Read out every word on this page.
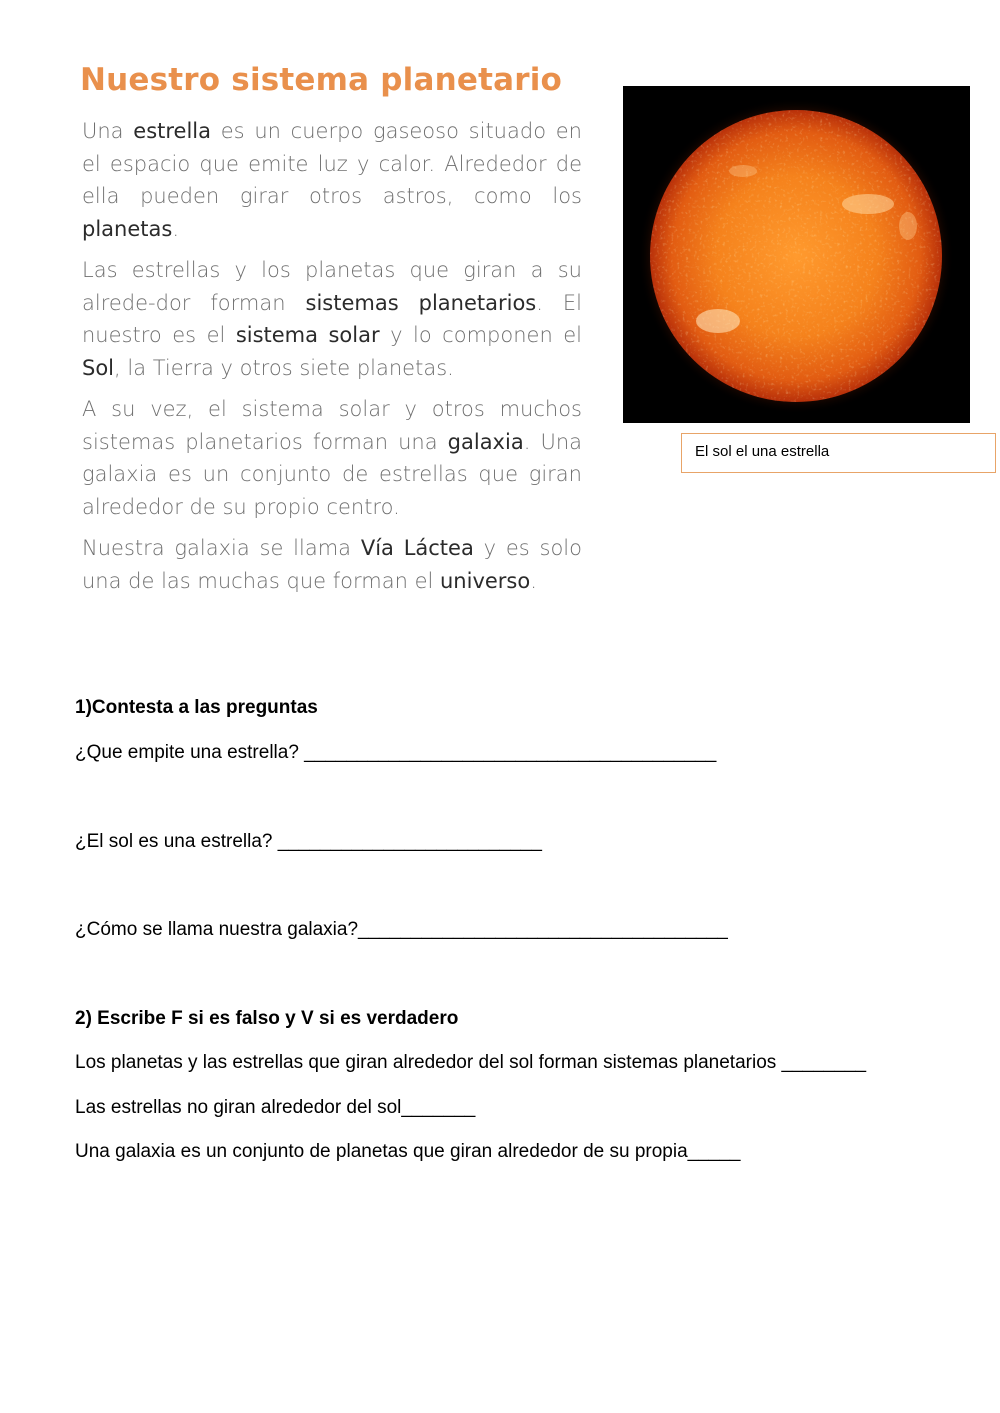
Nuestro sistema planetario

Una estrella es un cuerpo gaseoso situado en el espacio que emite luz y calor. Alrededor de ella pueden girar otros astros, como los planetas.

Las estrellas y los planetas que giran a su alrede-dor forman sistemas planetarios. El nuestro es el sistema solar y lo componen el Sol, la Tierra y otros siete planetas.

A su vez, el sistema solar y otros muchos sistemas planetarios forman una galaxia. Una galaxia es un conjunto de estrellas que giran alrededor de su propio centro.

Nuestra galaxia se llama Vía Láctea y es solo una de las muchas que forman el universo.

El sol el una estrella
1)Contesta a las preguntas
¿Que empite una estrella? _______________________________________
¿El sol es una estrella? _________________________
¿Cómo se llama nuestra galaxia?___________________________________
2) Escribe F si es falso y V si es verdadero
Los planetas y las estrellas que giran alrededor del sol forman sistemas planetarios ________
Las estrellas no giran alrededor del sol_______
Una galaxia es un conjunto de planetas que giran alrededor de su propia_____
